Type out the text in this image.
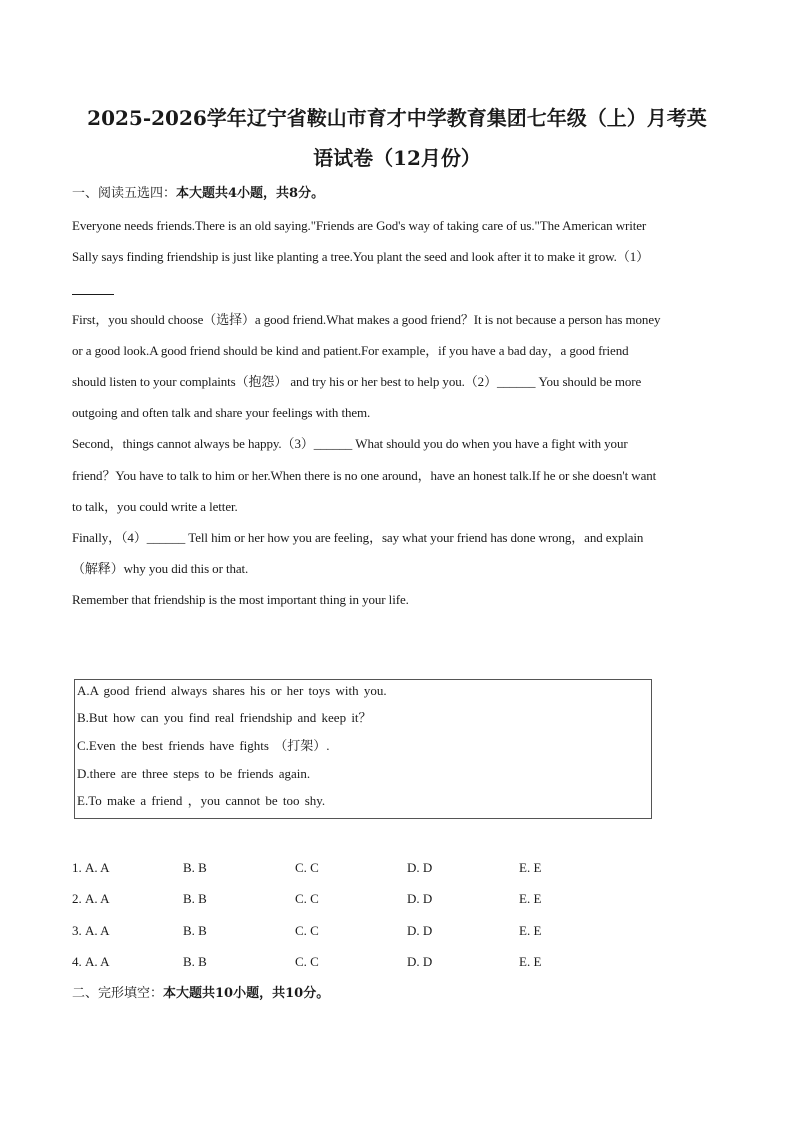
2025-2026学年辽宁省鞍山市育才中学教育集团七年级（上）月考英
语试卷（12月份）
一、阅读五选四：本大题共4小题，共8分。
Everyone needs friends.There is an old saying."Friends are God's way of taking care of us."The American writer
Sally says finding friendship is just like planting a tree.You plant the seed and look after it to make it grow.（1）
First，you should choose（选择）a good friend.What makes a good friend？It is not because a person has money
or a good look.A good friend should be kind and patient.For example，if you have a bad day，a good friend
should listen to your complaints（抱怨） and try his or her best to help you.（2）______ You should be more
outgoing and often talk and share your feelings with them.
Second，things cannot always be happy.（3）______ What should you do when you have a fight with your
friend？You have to talk to him or her.When there is no one around，have an honest talk.If he or she doesn't want
to talk，you could write a letter.
Finally，（4）______ Tell him or her how you are feeling，say what your friend has done wrong，and explain
（解释）why you did this or that.
Remember that friendship is the most important thing in your life.
A.A good friend always shares his or her toys with you.
B.But how can you find real friendship and keep it？
C.Even the best friends have fights （打架）.
D.there are three steps to be friends again.
E.To make a friend ，you cannot be too shy.
1. A. A	B. B	C. C	D. D	E. E
2. A. A	B. B	C. C	D. D	E. E
3. A. A	B. B	C. C	D. D	E. E
4. A. A	B. B	C. C	D. D	E. E
二、完形填空：本大题共10小题，共10分。
